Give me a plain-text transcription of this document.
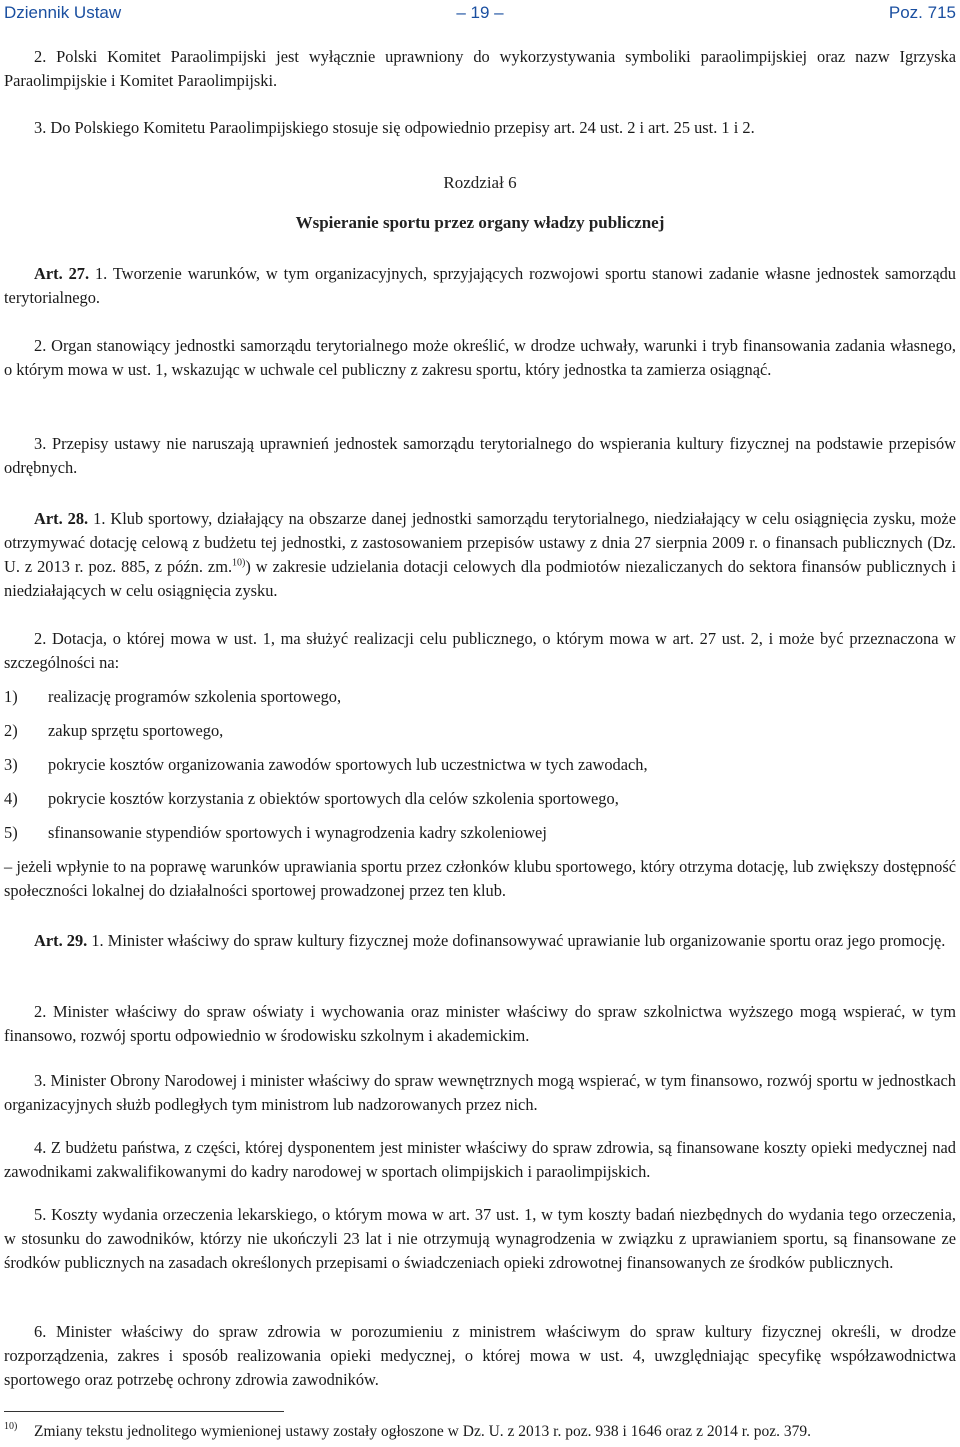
Dziennik Ustaw	– 19 –	Poz. 715

2. Polski Komitet Paraolimpijski jest wyłącznie uprawniony do wykorzystywania symboliki paraolimpijskiej oraz nazw Igrzyska Paraolimpijskie i Komitet Paraolimpijski.

3. Do Polskiego Komitetu Paraolimpijskiego stosuje się odpowiednio przepisy art. 24 ust. 2 i art. 25 ust. 1 i 2.

Rozdział 6
Wspieranie sportu przez organy władzy publicznej

Art. 27. 1. Tworzenie warunków, w tym organizacyjnych, sprzyjających rozwojowi sportu stanowi zadanie własne jednostek samorządu terytorialnego.

2. Organ stanowiący jednostki samorządu terytorialnego może określić, w drodze uchwały, warunki i tryb finansowania zadania własnego, o którym mowa w ust. 1, wskazując w uchwale cel publiczny z zakresu sportu, który jednostka ta zamierza osiągnąć.

3. Przepisy ustawy nie naruszają uprawnień jednostek samorządu terytorialnego do wspierania kultury fizycznej na podstawie przepisów odrębnych.

Art. 28. 1. Klub sportowy, działający na obszarze danej jednostki samorządu terytorialnego, niedziałający w celu osiągnięcia zysku, może otrzymywać dotację celową z budżetu tej jednostki, z zastosowaniem przepisów ustawy z dnia 27 sierpnia 2009 r. o finansach publicznych (Dz. U. z 2013 r. poz. 885, z późn. zm.$^{10)}$) w zakresie udzielania dotacji celowych dla podmiotów niezaliczanych do sektora finansów publicznych i niedziałających w celu osiągnięcia zysku.

2. Dotacja, o której mowa w ust. 1, ma służyć realizacji celu publicznego, o którym mowa w art. 27 ust. 2, i może być przeznaczona w szczególności na:

1) realizację programów szkolenia sportowego,
2) zakup sprzętu sportowego,
3) pokrycie kosztów organizowania zawodów sportowych lub uczestnictwa w tych zawodach,
4) pokrycie kosztów korzystania z obiektów sportowych dla celów szkolenia sportowego,
5) sfinansowanie stypendiów sportowych i wynagrodzenia kadry szkoleniowej

– jeżeli wpłynie to na poprawę warunków uprawiania sportu przez członków klubu sportowego, który otrzyma dotację, lub zwiększy dostępność społeczności lokalnej do działalności sportowej prowadzonej przez ten klub.

Art. 29. 1. Minister właściwy do spraw kultury fizycznej może dofinansowywać uprawianie lub organizowanie sportu oraz jego promocję.

2. Minister właściwy do spraw oświaty i wychowania oraz minister właściwy do spraw szkolnictwa wyższego mogą wspierać, w tym finansowo, rozwój sportu odpowiednio w środowisku szkolnym i akademickim.

3. Minister Obrony Narodowej i minister właściwy do spraw wewnętrznych mogą wspierać, w tym finansowo, rozwój sportu w jednostkach organizacyjnych służb podległych tym ministrom lub nadzorowanych przez nich.

4. Z budżetu państwa, z części, której dysponentem jest minister właściwy do spraw zdrowia, są finansowane koszty opieki medycznej nad zawodnikami zakwalifikowanymi do kadry narodowej w sportach olimpijskich i paraolimpijskich.

5. Koszty wydania orzeczenia lekarskiego, o którym mowa w art. 37 ust. 1, w tym koszty badań niezbędnych do wydania tego orzeczenia, w stosunku do zawodników, którzy nie ukończyli 23 lat i nie otrzymują wynagrodzenia w związku z uprawianiem sportu, są finansowane ze środków publicznych na zasadach określonych przepisami o świadczeniach opieki zdrowotnej finansowanych ze środków publicznych.

6. Minister właściwy do spraw zdrowia w porozumieniu z ministrem właściwym do spraw kultury fizycznej określi, w drodze rozporządzenia, zakres i sposób realizowania opieki medycznej, o której mowa w ust. 4, uwzględniając specyfikę współzawodnictwa sportowego oraz potrzebę ochrony zdrowia zawodników.

10) Zmiany tekstu jednolitego wymienionej ustawy zostały ogłoszone w Dz. U. z 2013 r. poz. 938 i 1646 oraz z 2014 r. poz. 379.
